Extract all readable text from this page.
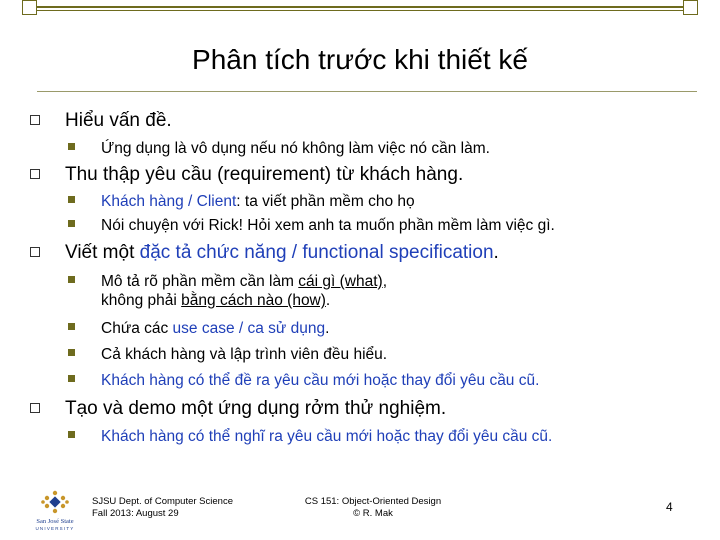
Phân tích trước khi thiết kế
Hiểu vấn đề.
Ứng dụng là vô dụng nếu nó không làm việc nó cần làm.
Thu thập yêu cầu (requirement) từ khách hàng.
Khách hàng / Client: ta viết phần mềm cho họ
Nói chuyện với Rick! Hỏi xem anh ta muốn phần mềm làm việc gì.
Viết một đặc tả chức năng / functional specification.
Mô tả rõ phần mềm cần làm cái gì (what),
không phải bằng cách nào (how).
Chứa các use case / ca sử dụng.
Cả khách hàng và lập trình viên đều hiểu.
Khách hàng có thể đề ra yêu cầu mới hoặc thay đổi yêu cầu cũ.
Tạo và demo một ứng dụng rởm thử nghiệm.
Khách hàng có thể nghĩ ra yêu cầu mới hoặc thay đổi yêu cầu cũ.
San José State
UNIVERSITY
SJSU Dept. of Computer Science
Fall 2013: August 29
CS 151: Object-Oriented Design
© R. Mak	4
